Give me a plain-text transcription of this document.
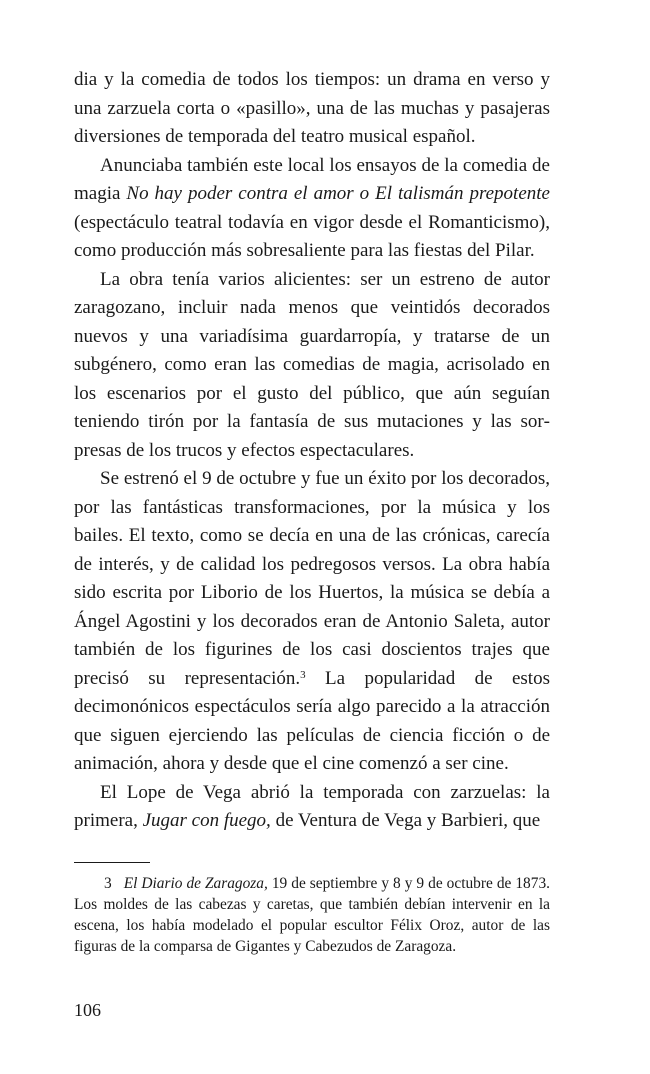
dia y la comedia de todos los tiempos: un drama en verso y una zarzuela corta o «pasillo», una de las muchas y pasajeras diversiones de temporada del teatro musical español.

Anunciaba también este local los ensayos de la comedia de magia No hay poder contra el amor o El talismán prepotente (espectáculo teatral todavía en vigor desde el Romanticismo), como producción más sobresaliente para las fiestas del Pilar.

La obra tenía varios alicientes: ser un estreno de autor zaragozano, incluir nada menos que veintidós decorados nuevos y una variadísima guardarropía, y tratarse de un subgénero, como eran las comedias de magia, acrisolado en los escenarios por el gusto del público, que aún seguían teniendo tirón por la fantasía de sus mutaciones y las sorpresas de los trucos y efectos espectaculares.

Se estrenó el 9 de octubre y fue un éxito por los decorados, por las fantásticas transformaciones, por la música y los bailes. El texto, como se decía en una de las crónicas, carecía de interés, y de calidad los pedregosos versos. La obra había sido escrita por Liborio de los Huertos, la música se debía a Ángel Agostini y los decorados eran de Antonio Saleta, autor también de los figurines de los casi doscientos trajes que precisó su representación.$^3$ La popularidad de estos decimonónicos espectáculos sería algo parecido a la atracción que siguen ejerciendo las películas de ciencia ficción o de animación, ahora y desde que el cine comenzó a ser cine.

El Lope de Vega abrió la temporada con zarzuelas: la primera, Jugar con fuego, de Ventura de Vega y Barbieri, que

3 El Diario de Zaragoza, 19 de septiembre y 8 y 9 de octubre de 1873. Los moldes de las cabezas y caretas, que también debían intervenir en la escena, los había modelado el popular escultor Félix Oroz, autor de las figuras de la comparsa de Gigantes y Cabezudos de Zaragoza.

106
